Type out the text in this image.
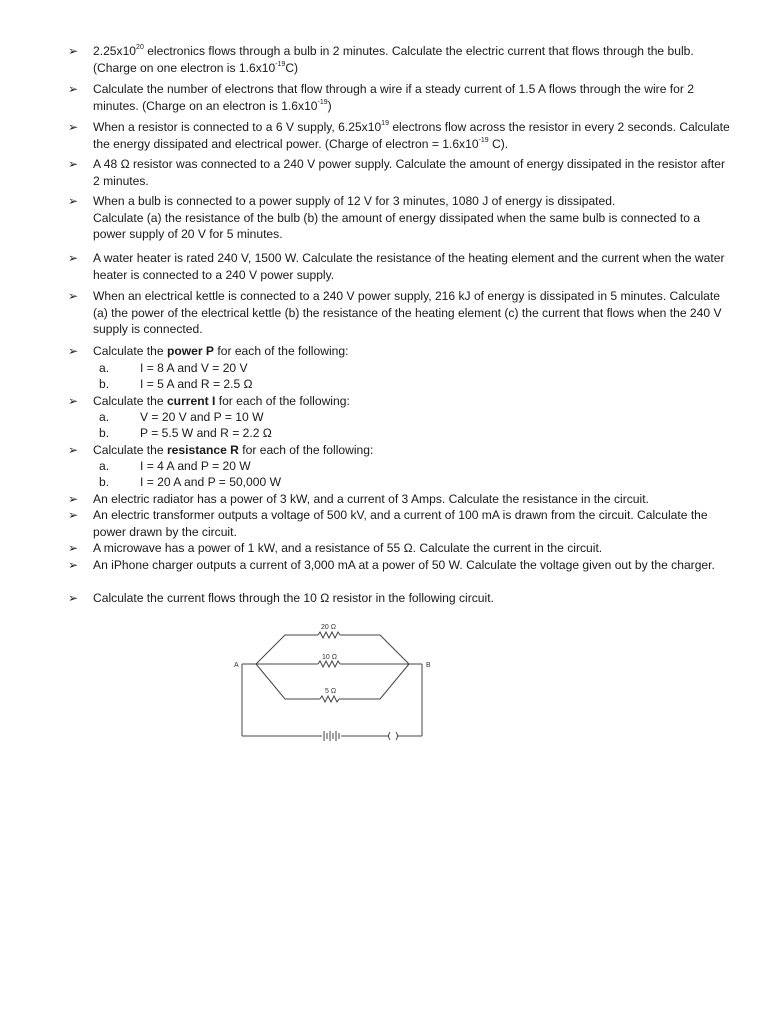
➢ $2.25x10^{20}$ electronics flows through a bulb in 2 minutes. Calculate the electric current that flows through the bulb. (Charge on one electron is $1.6x10^{-19}C$)
➢ Calculate the number of electrons that flow through a wire if a steady current of 1.5 A flows through the wire for 2 minutes. (Charge on an electron is $1.6x10^{-19}$)
➢ When a resistor is connected to a 6 V supply, $6.25x10^{19}$ electrons flow across the resistor in every 2 seconds. Calculate the energy dissipated and electrical power. (Charge of electron = $1.6x10^{-19}$ C).
➢ A 48 Ω resistor was connected to a 240 V power supply. Calculate the amount of energy dissipated in the resistor after 2 minutes.
➢ When a bulb is connected to a power supply of 12 V for 3 minutes, 1080 J of energy is dissipated.
Calculate (a) the resistance of the bulb (b) the amount of energy dissipated when the same bulb is connected to a power supply of 20 V for 5 minutes.
➢ A water heater is rated 240 V, 1500 W. Calculate the resistance of the heating element and the current when the water heater is connected to a 240 V power supply.
➢ When an electrical kettle is connected to a 240 V power supply, 216 kJ of energy is dissipated in 5 minutes. Calculate (a) the power of the electrical kettle (b) the resistance of the heating element (c) the current that flows when the 240 V supply is connected.
➢ Calculate the power P for each of the following:
a.	I = 8 A and V = 20 V
b.	I = 5 A and R = 2.5 Ω
➢ Calculate the current I for each of the following:
a.	V = 20 V and P = 10 W
b.	P = 5.5 W and R = 2.2 Ω
➢ Calculate the resistance R for each of the following:
a.	I = 4 A and P = 20 W
b.	I = 20 A and P = 50,000 W
➢ An electric radiator has a power of 3 kW, and a current of 3 Amps. Calculate the resistance in the circuit.
➢ An electric transformer outputs a voltage of 500 kV, and a current of 100 mA is drawn from the circuit. Calculate the power drawn by the circuit.
➢ A microwave has a power of 1 kW, and a resistance of 55 Ω. Calculate the current in the circuit.
➢ An iPhone charger outputs a current of 3,000 mA at a power of 50 W. Calculate the voltage given out by the charger.
➢ Calculate the current flows through the 10 Ω resistor in the following circuit.
20 Ω
10 Ω
5 Ω
A	B
